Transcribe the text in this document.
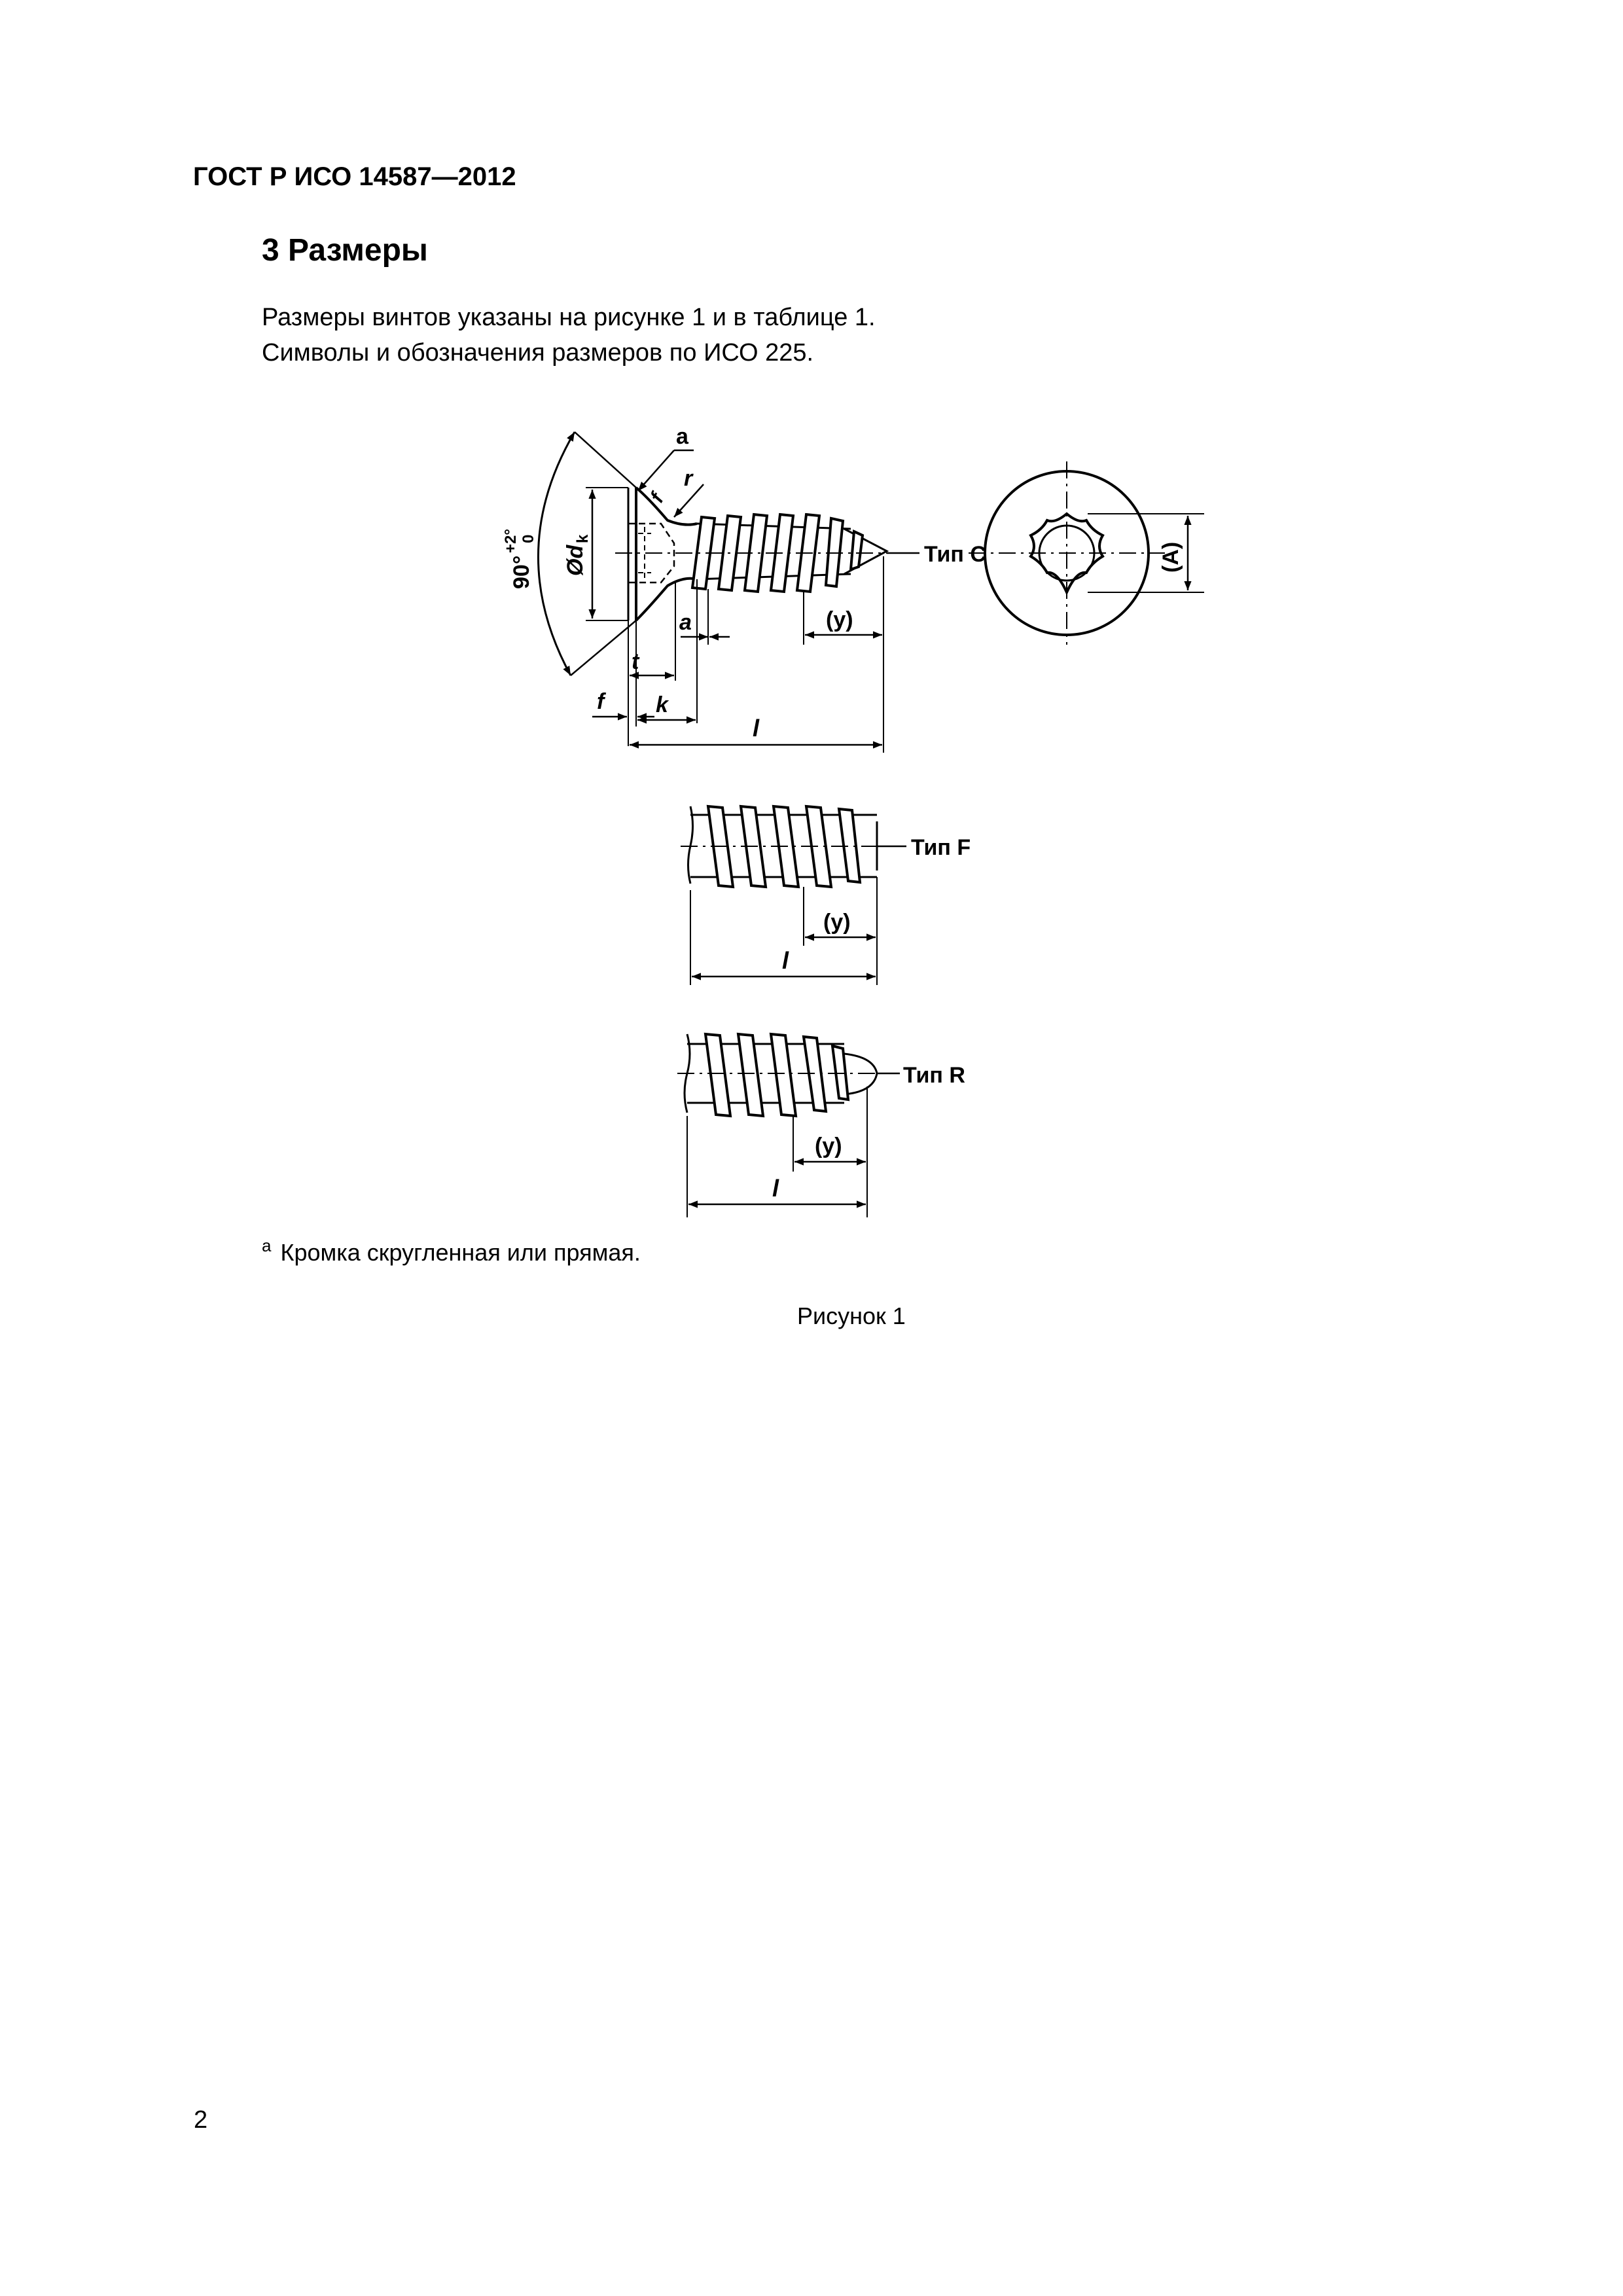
ГОСТ Р ИСО 14587—2012
3 Размеры
Размеры винтов указаны на рисунке 1 и в таблице 1.
Символы и обозначения размеров по ИСО 225.
90°
+2° 0
Ød
k
a
r
f
a	(y)
t
f k
l
Тип C	(A)
Тип F
(y)
l
Тип R
(y)
l
$^a$ Кромка скругленная или прямая.
Рисунок 1
2
